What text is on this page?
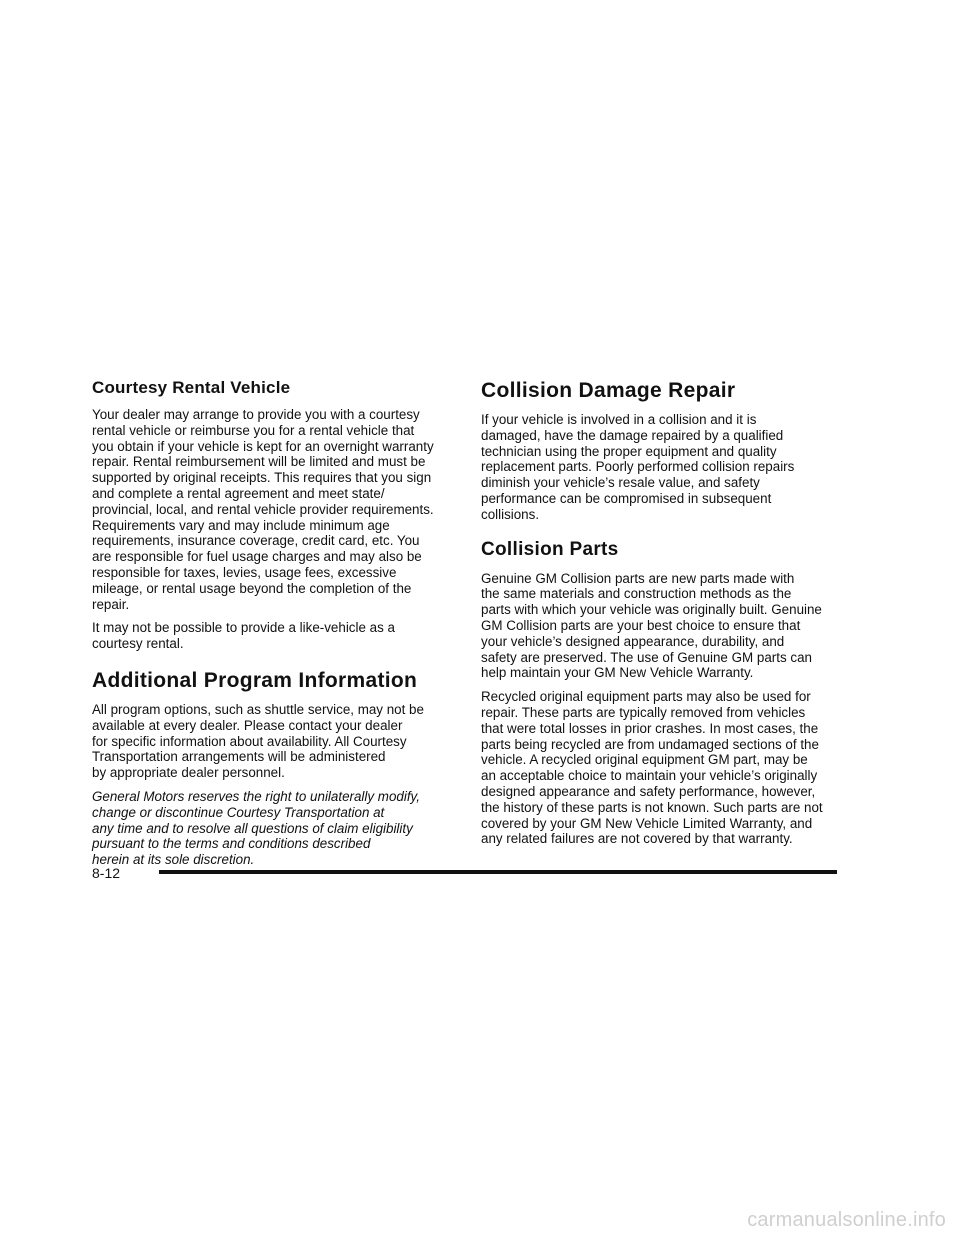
Courtesy Rental Vehicle

Your dealer may arrange to provide you with a courtesy
rental vehicle or reimburse you for a rental vehicle that
you obtain if your vehicle is kept for an overnight warranty
repair. Rental reimbursement will be limited and must be
supported by original receipts. This requires that you sign
and complete a rental agreement and meet state/
provincial, local, and rental vehicle provider requirements.
Requirements vary and may include minimum age
requirements, insurance coverage, credit card, etc. You
are responsible for fuel usage charges and may also be
responsible for taxes, levies, usage fees, excessive
mileage, or rental usage beyond the completion of the
repair.

It may not be possible to provide a like-vehicle as a
courtesy rental.

Additional Program Information

All program options, such as shuttle service, may not be
available at every dealer. Please contact your dealer
for specific information about availability. All Courtesy
Transportation arrangements will be administered
by appropriate dealer personnel.

General Motors reserves the right to unilaterally modify,
change or discontinue Courtesy Transportation at
any time and to resolve all questions of claim eligibility
pursuant to the terms and conditions described
herein at its sole discretion.

Collision Damage Repair

If your vehicle is involved in a collision and it is
damaged, have the damage repaired by a qualified
technician using the proper equipment and quality
replacement parts. Poorly performed collision repairs
diminish your vehicle’s resale value, and safety
performance can be compromised in subsequent
collisions.

Collision Parts

Genuine GM Collision parts are new parts made with
the same materials and construction methods as the
parts with which your vehicle was originally built. Genuine
GM Collision parts are your best choice to ensure that
your vehicle’s designed appearance, durability, and
safety are preserved. The use of Genuine GM parts can
help maintain your GM New Vehicle Warranty.

Recycled original equipment parts may also be used for
repair. These parts are typically removed from vehicles
that were total losses in prior crashes. In most cases, the
parts being recycled are from undamaged sections of the
vehicle. A recycled original equipment GM part, may be
an acceptable choice to maintain your vehicle’s originally
designed appearance and safety performance, however,
the history of these parts is not known. Such parts are not
covered by your GM New Vehicle Limited Warranty, and
any related failures are not covered by that warranty.

8-12
carmanualsonline.info
